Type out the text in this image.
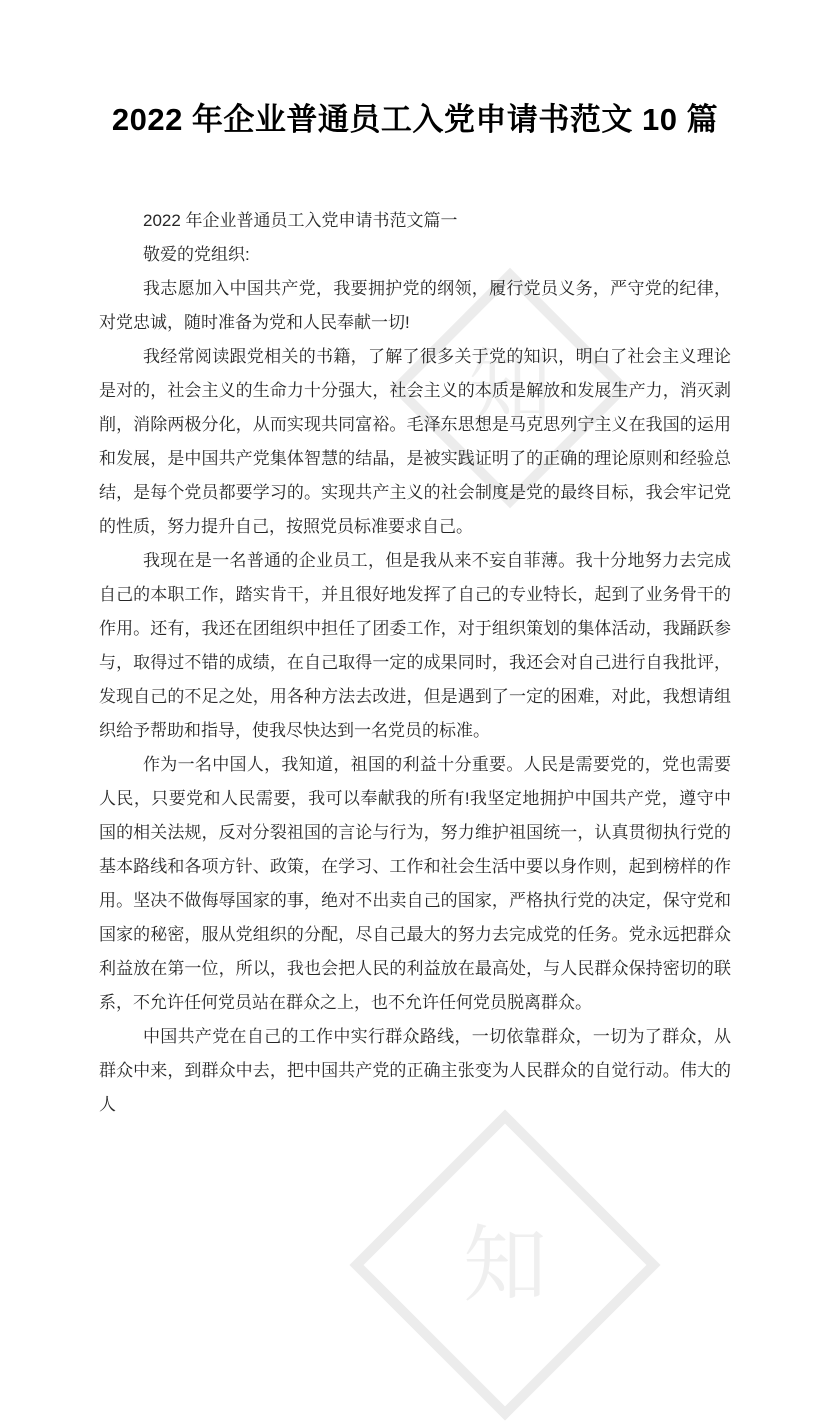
知
知
2022 年企业普通员工入党申请书范文 10 篇

2022 年企业普通员工入党申请书范文篇一

敬爱的党组织:

我志愿加入中国共产党，我要拥护党的纲领，履行党员义务，严守党的纪律，对党忠诚，随时准备为党和人民奉献一切!

我经常阅读跟党相关的书籍，了解了很多关于党的知识，明白了社会主义理论是对的，社会主义的生命力十分强大，社会主义的本质是解放和发展生产力，消灭剥削，消除两极分化，从而实现共同富裕。毛泽东思想是马克思列宁主义在我国的运用和发展，是中国共产党集体智慧的结晶，是被实践证明了的正确的理论原则和经验总结，是每个党员都要学习的。实现共产主义的社会制度是党的最终目标，我会牢记党的性质，努力提升自己，按照党员标准要求自己。

我现在是一名普通的企业员工，但是我从来不妄自菲薄。我十分地努力去完成自己的本职工作，踏实肯干，并且很好地发挥了自己的专业特长，起到了业务骨干的作用。还有，我还在团组织中担任了团委工作，对于组织策划的集体活动，我踊跃参与，取得过不错的成绩，在自己取得一定的成果同时，我还会对自己进行自我批评，发现自己的不足之处，用各种方法去改进，但是遇到了一定的困难，对此，我想请组织给予帮助和指导，使我尽快达到一名党员的标准。

作为一名中国人，我知道，祖国的利益十分重要。人民是需要党的，党也需要人民，只要党和人民需要，我可以奉献我的所有!我坚定地拥护中国共产党，遵守中国的相关法规，反对分裂祖国的言论与行为，努力维护祖国统一，认真贯彻执行党的基本路线和各项方针、政策，在学习、工作和社会生活中要以身作则，起到榜样的作用。坚决不做侮辱国家的事，绝对不出卖自己的国家，严格执行党的决定，保守党和国家的秘密，服从党组织的分配，尽自己最大的努力去完成党的任务。党永远把群众利益放在第一位，所以，我也会把人民的利益放在最高处，与人民群众保持密切的联系，不允许任何党员站在群众之上，也不允许任何党员脱离群众。

中国共产党在自己的工作中实行群众路线，一切依靠群众，一切为了群众，从群众中来，到群众中去，把中国共产党的正确主张变为人民群众的自觉行动。伟大的人
